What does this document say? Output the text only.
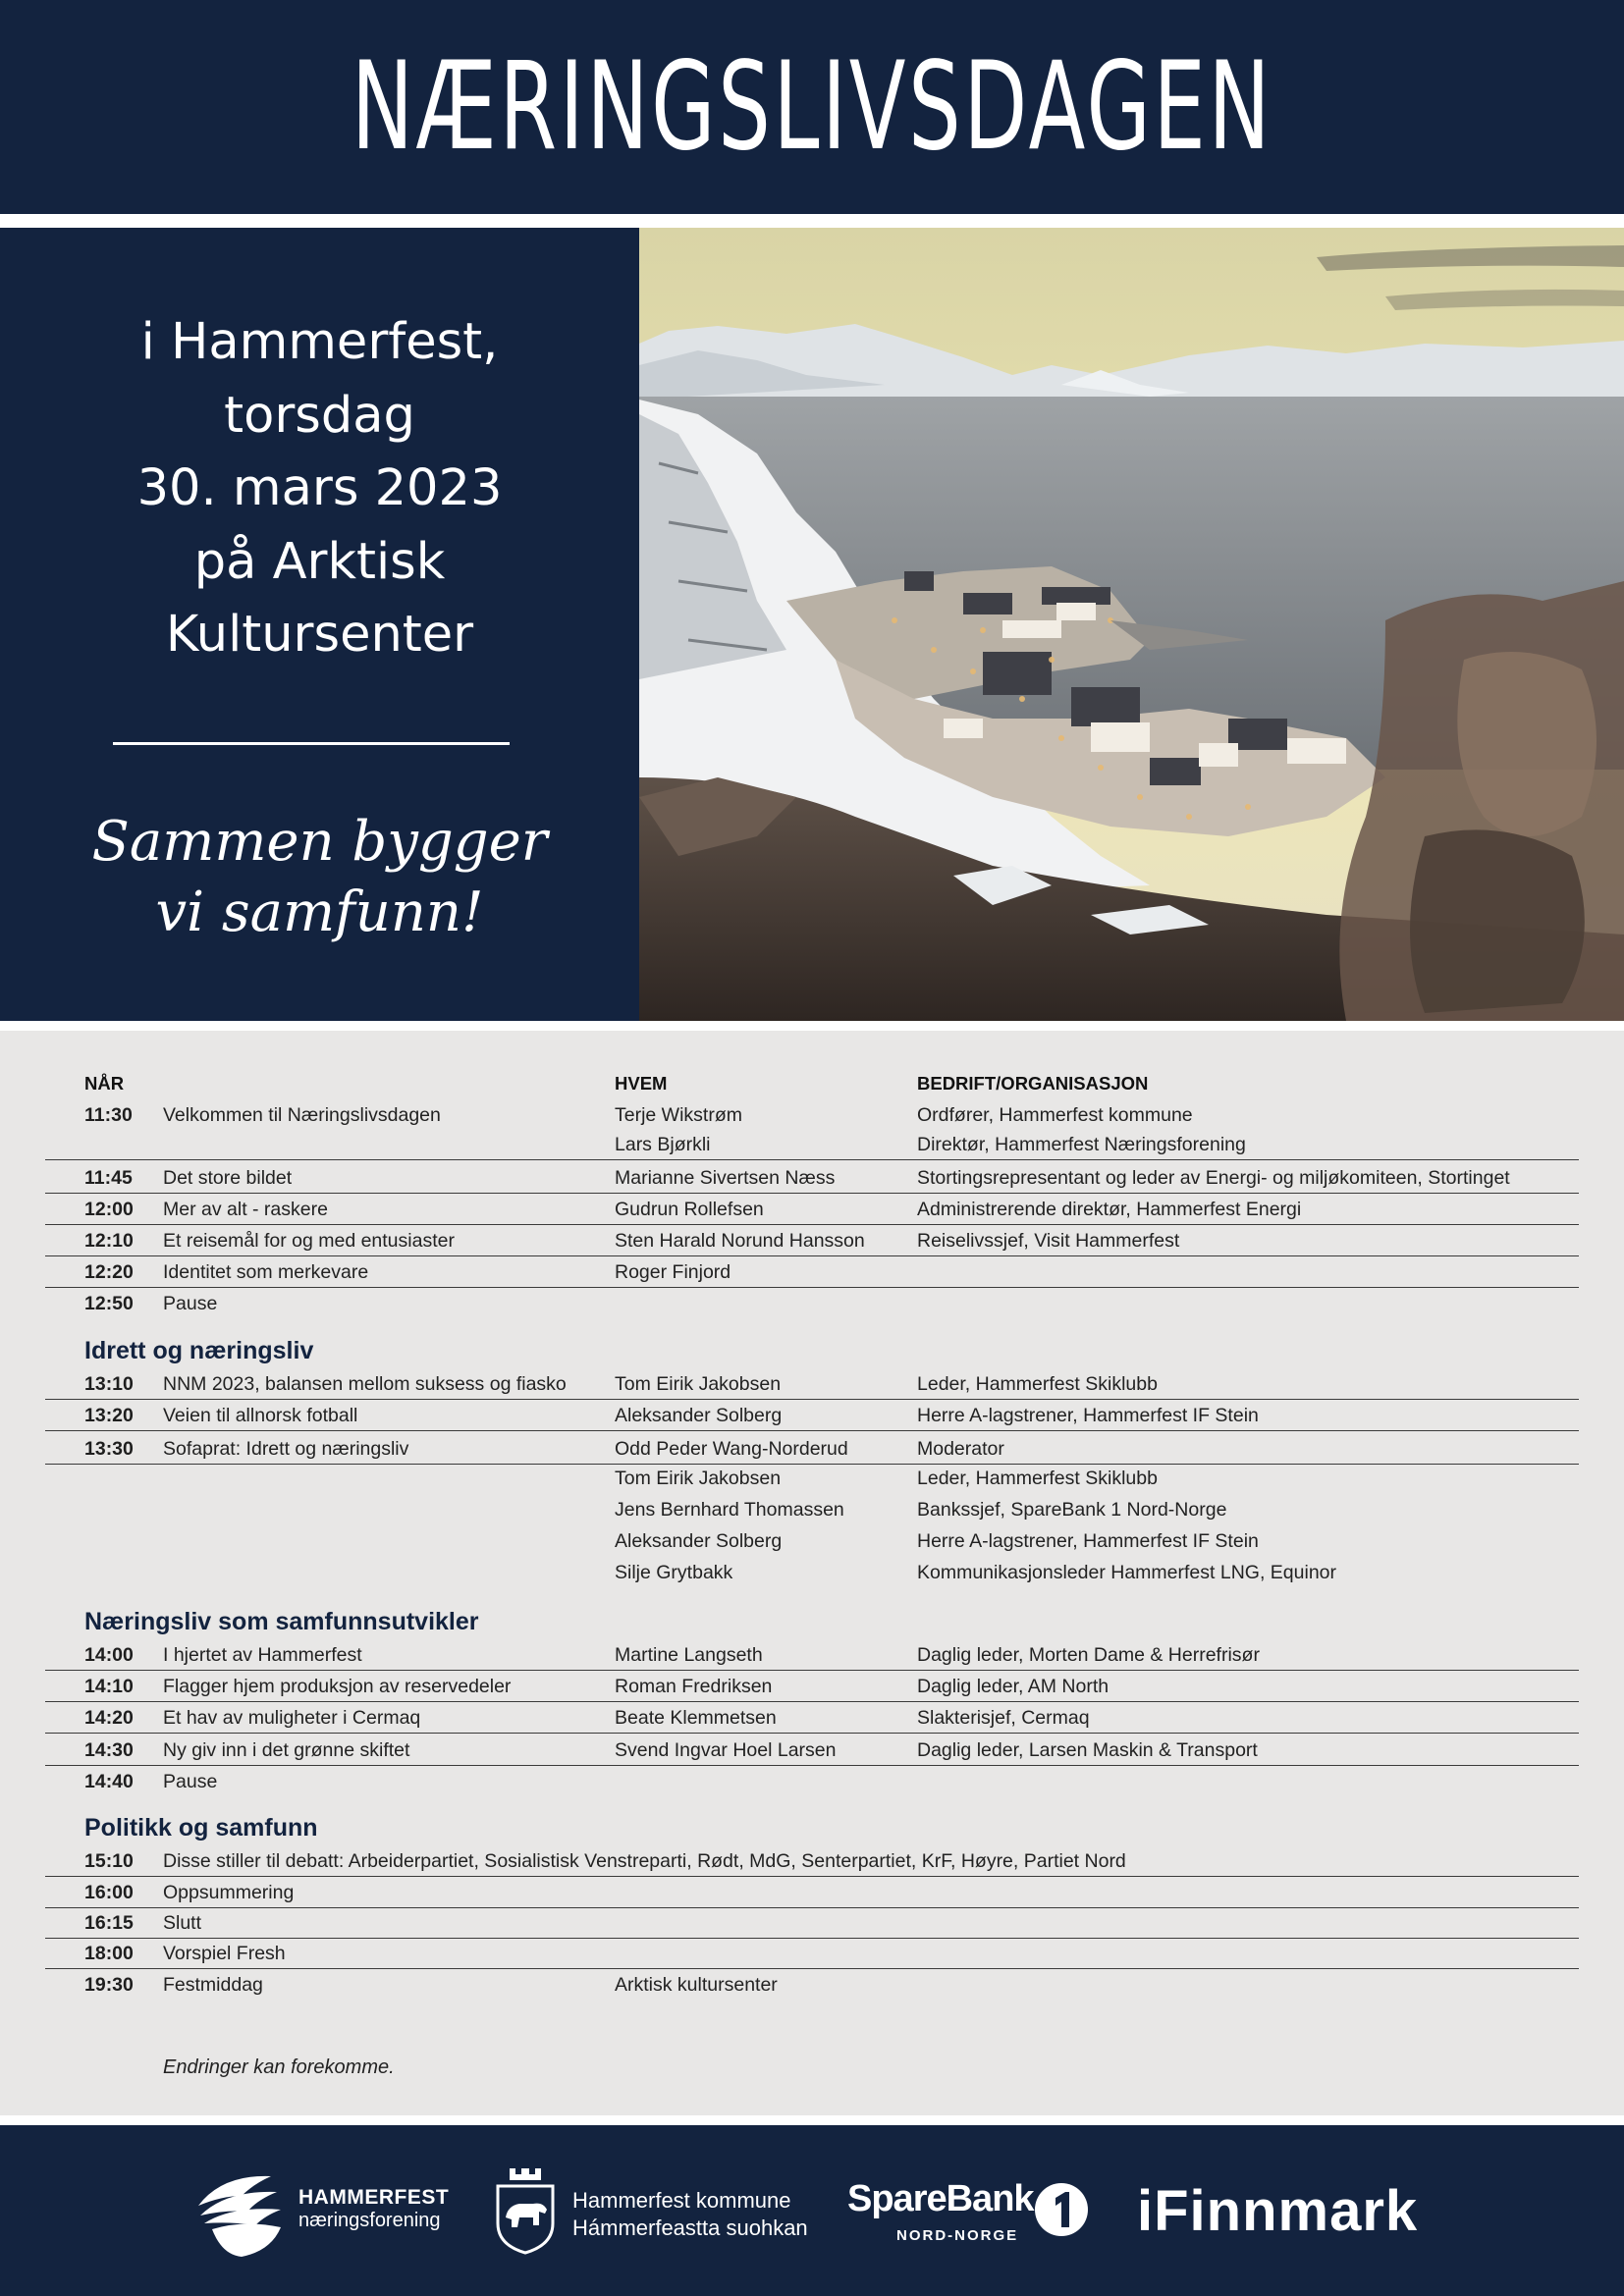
NÆRINGSLIVSDAGEN
i Hammerfest,
torsdag
30. mars 2023
på Arktisk
Kultursenter
Sammen bygger
vi samfunn!
NÅR	HVEM	BEDRIFT/ORGANISASJON
11:30 Velkommen til Næringslivsdagen	Terje Wikstrøm	Ordfører, Hammerfest kommune
Lars Bjørkli	Direktør, Hammerfest Næringsforening
11:45 Det store bildet	Marianne Sivertsen Næss	Stortingsrepresentant og leder av Energi- og miljøkomiteen, Stortinget
12:00 Mer av alt - raskere	Gudrun Rollefsen	Administrerende direktør, Hammerfest Energi
12:10 Et reisemål for og med entusiaster	Sten Harald Norund Hansson	Reiselivssjef, Visit Hammerfest
12:20 Identitet som merkevare	Roger Finjord
12:50 Pause
Idrett og næringsliv
13:10 NNM 2023, balansen mellom suksess og fiasko	Tom Eirik Jakobsen	Leder, Hammerfest Skiklubb
13:20 Veien til allnorsk fotball	Aleksander Solberg	Herre A-lagstrener, Hammerfest IF Stein
13:30 Sofaprat: Idrett og næringsliv	Odd Peder Wang-Norderud	Moderator
Tom Eirik Jakobsen	Leder, Hammerfest Skiklubb
Jens Bernhard Thomassen	Bankssjef, SpareBank 1 Nord-Norge
Aleksander Solberg	Herre A-lagstrener, Hammerfest IF Stein
Silje Grytbakk	Kommunikasjonsleder Hammerfest LNG, Equinor
Næringsliv som samfunnsutvikler
14:00 I hjertet av Hammerfest	Martine Langseth	Daglig leder, Morten Dame & Herrefrisør
14:10 Flagger hjem produksjon av reservedeler	Roman Fredriksen	Daglig leder, AM North
14:20 Et hav av muligheter i Cermaq	Beate Klemmetsen	Slakterisjef, Cermaq
14:30 Ny giv inn i det grønne skiftet	Svend Ingvar Hoel Larsen	Daglig leder, Larsen Maskin & Transport
14:40 Pause
Politikk og samfunn
15:10 Disse stiller til debatt: Arbeiderpartiet, Sosialistisk Venstreparti, Rødt, MdG, Senterpartiet, KrF, Høyre, Partiet Nord
16:00 Oppsummering
16:15 Slutt
18:00 Vorspiel Fresh
19:30 Festmiddag	Arktisk kultursenter
Endringer kan forekomme.
HAMMERFEST
næringsforening
Hammerfest kommune
Hámmerfeastta suohkan
SpareBank
NORD-NORGE iFinnmark
